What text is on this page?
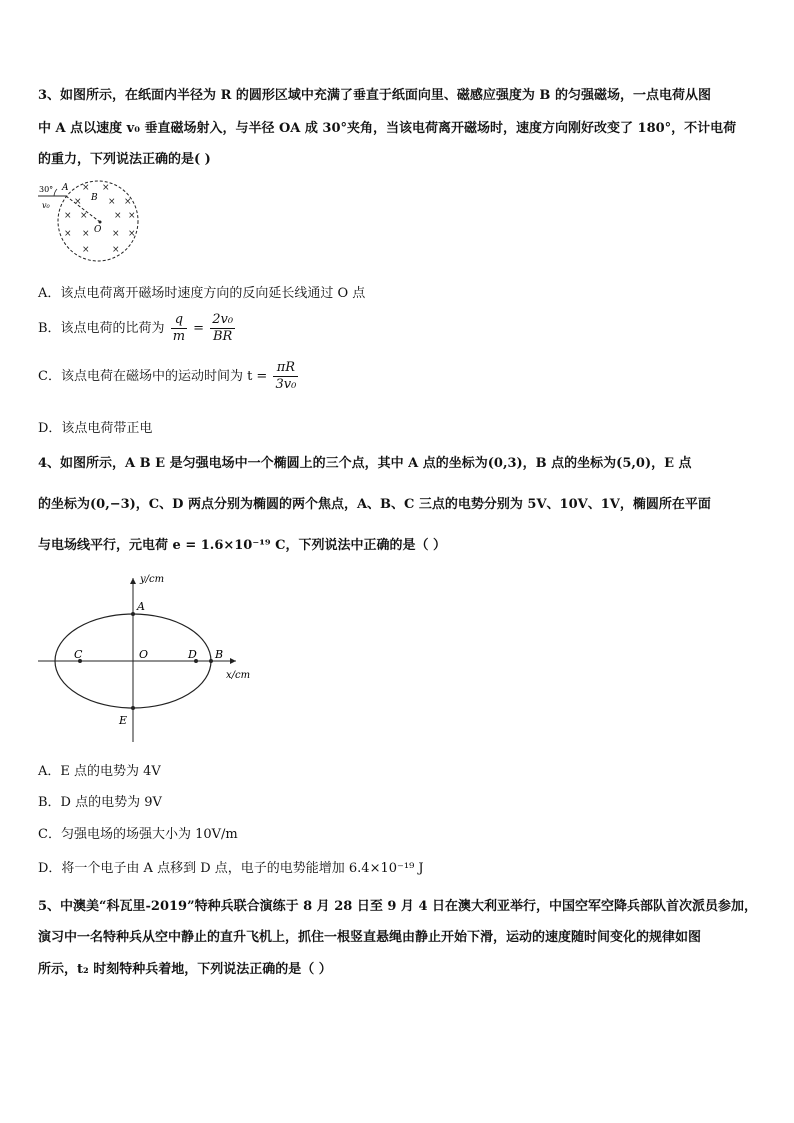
3、如图所示，在纸面内半径为 R 的圆形区域中充满了垂直于纸面向里、磁感应强度为 B 的匀强磁场，一点电荷从图
中 A 点以速度 v₀ 垂直磁场射入，与半径 OA 成 30°夹角，当该电荷离开磁场时，速度方向刚好改变了 180°，不计电荷
的重力，下列说法正确的是( )
30° A
v₀
B
O
× ×
×	× ×
× ×	× ×
× × × ×
× ×
A．该点电荷离开磁场时速度方向的反向延长线通过 O 点
B．该点电荷的比荷为 $\frac{q}{m} = \frac{\text{2v₀}}{BR}$
C．该点电荷在磁场中的运动时间为 $t = \frac{\pi R}{\text{3v₀}}$
D．该点电荷带正电
4、如图所示，A B E 是匀强电场中一个椭圆上的三个点，其中 A 点的坐标为(0,3)，B 点的坐标为(5,0)，E 点
的坐标为(0,−3)，C、D 两点分别为椭圆的两个焦点，A、B、C 三点的电势分别为 5V、10V、1V，椭圆所在平面
与电场线平行，元电荷 e = 1.6×10⁻¹⁹ C，下列说法中正确的是（ ）
y/cm
x/cm
A
B
C	D
E
O
A．E 点的电势为 4V
B．D 点的电势为 9V
C．匀强电场的场强大小为 10V/m
D．将一个电子由 A 点移到 D 点，电子的电势能增加 6.4×10⁻¹⁹ J
5、中澳美“科瓦里-2019”特种兵联合演练于 8 月 28 日至 9 月 4 日在澳大利亚举行，中国空军空降兵部队首次派员参加，
演习中一名特种兵从空中静止的直升飞机上，抓住一根竖直悬绳由静止开始下滑，运动的速度随时间变化的规律如图
所示，t₂ 时刻特种兵着地，下列说法正确的是（ ）
